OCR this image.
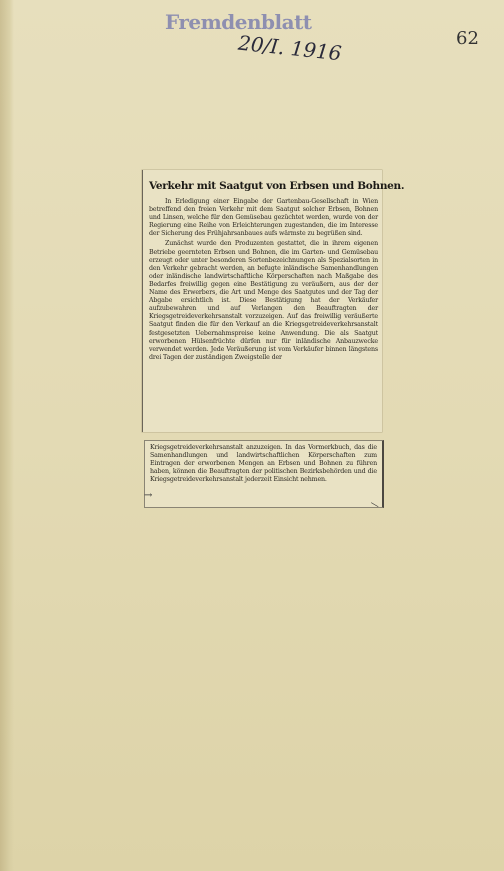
Fremdenblatt
20/I. 1916	62
Verkehr mit Saatgut von Erbsen und Bohnen.

In Erledigung einer Eingabe der Gartenbau-Gesellschaft in Wien betreffend den freien Verkehr mit dem Saatgut solcher Erbsen, Bohnen und Linsen, welche für den Gemüsebau gezüchtet werden, wurde von der Regierung eine Reihe von Erleichterungen zugestanden, die im Interesse der Sicherung des Frühjahrsanbaues aufs wärmste zu begrüßen sind.

Zunächst wurde den Produzenten gestattet, die in ihrem eigenen Betriebe geernteten Erbsen und Bohnen, die im Garten- und Gemüsebau erzeugt oder unter besonderen Sortenbezeichnungen als Spezialsorten in den Verkehr gebracht werden, an befugte inländische Samenhandlungen oder inländische landwirtschaftliche Körperschaften nach Maßgabe des Bedarfes freiwillig gegen eine Bestätigung zu veräußern, aus der der Name des Erwerbers, die Art und Menge des Saatgutes und der Tag der Abgabe ersichtlich ist. Diese Bestätigung hat der Verkäufer aufzubewahren und auf Verlangen den Beauftragten der Kriegsgetreideverkehrsanstalt vorzuzeigen. Auf das freiwillig veräußerte Saatgut finden die für den Verkauf an die Kriegsgetreideverkehrsanstalt festgesetzten Uebernahmspreise keine Anwendung. Die als Saatgut erworbenen Hülsenfrüchte dürfen nur für inländische Anbauzwecke verwendet werden. Jede Veräußerung ist vom Verkäufer binnen längstens drei Tagen der zuständigen Zweigstelle der

Kriegsgetreideverkehrsanstalt anzuzeigen. In das Vormerkbuch, das die Samenhandlungen und landwirtschaftlichen Körperschaften zum Eintragen der erworbenen Mengen an Erbsen und Bohnen zu führen haben, können die Beauftragten der politischen Bezirksbehörden und die Kriegsgetreideverkehrsanstalt jederzeit Einsicht nehmen.

→
—
